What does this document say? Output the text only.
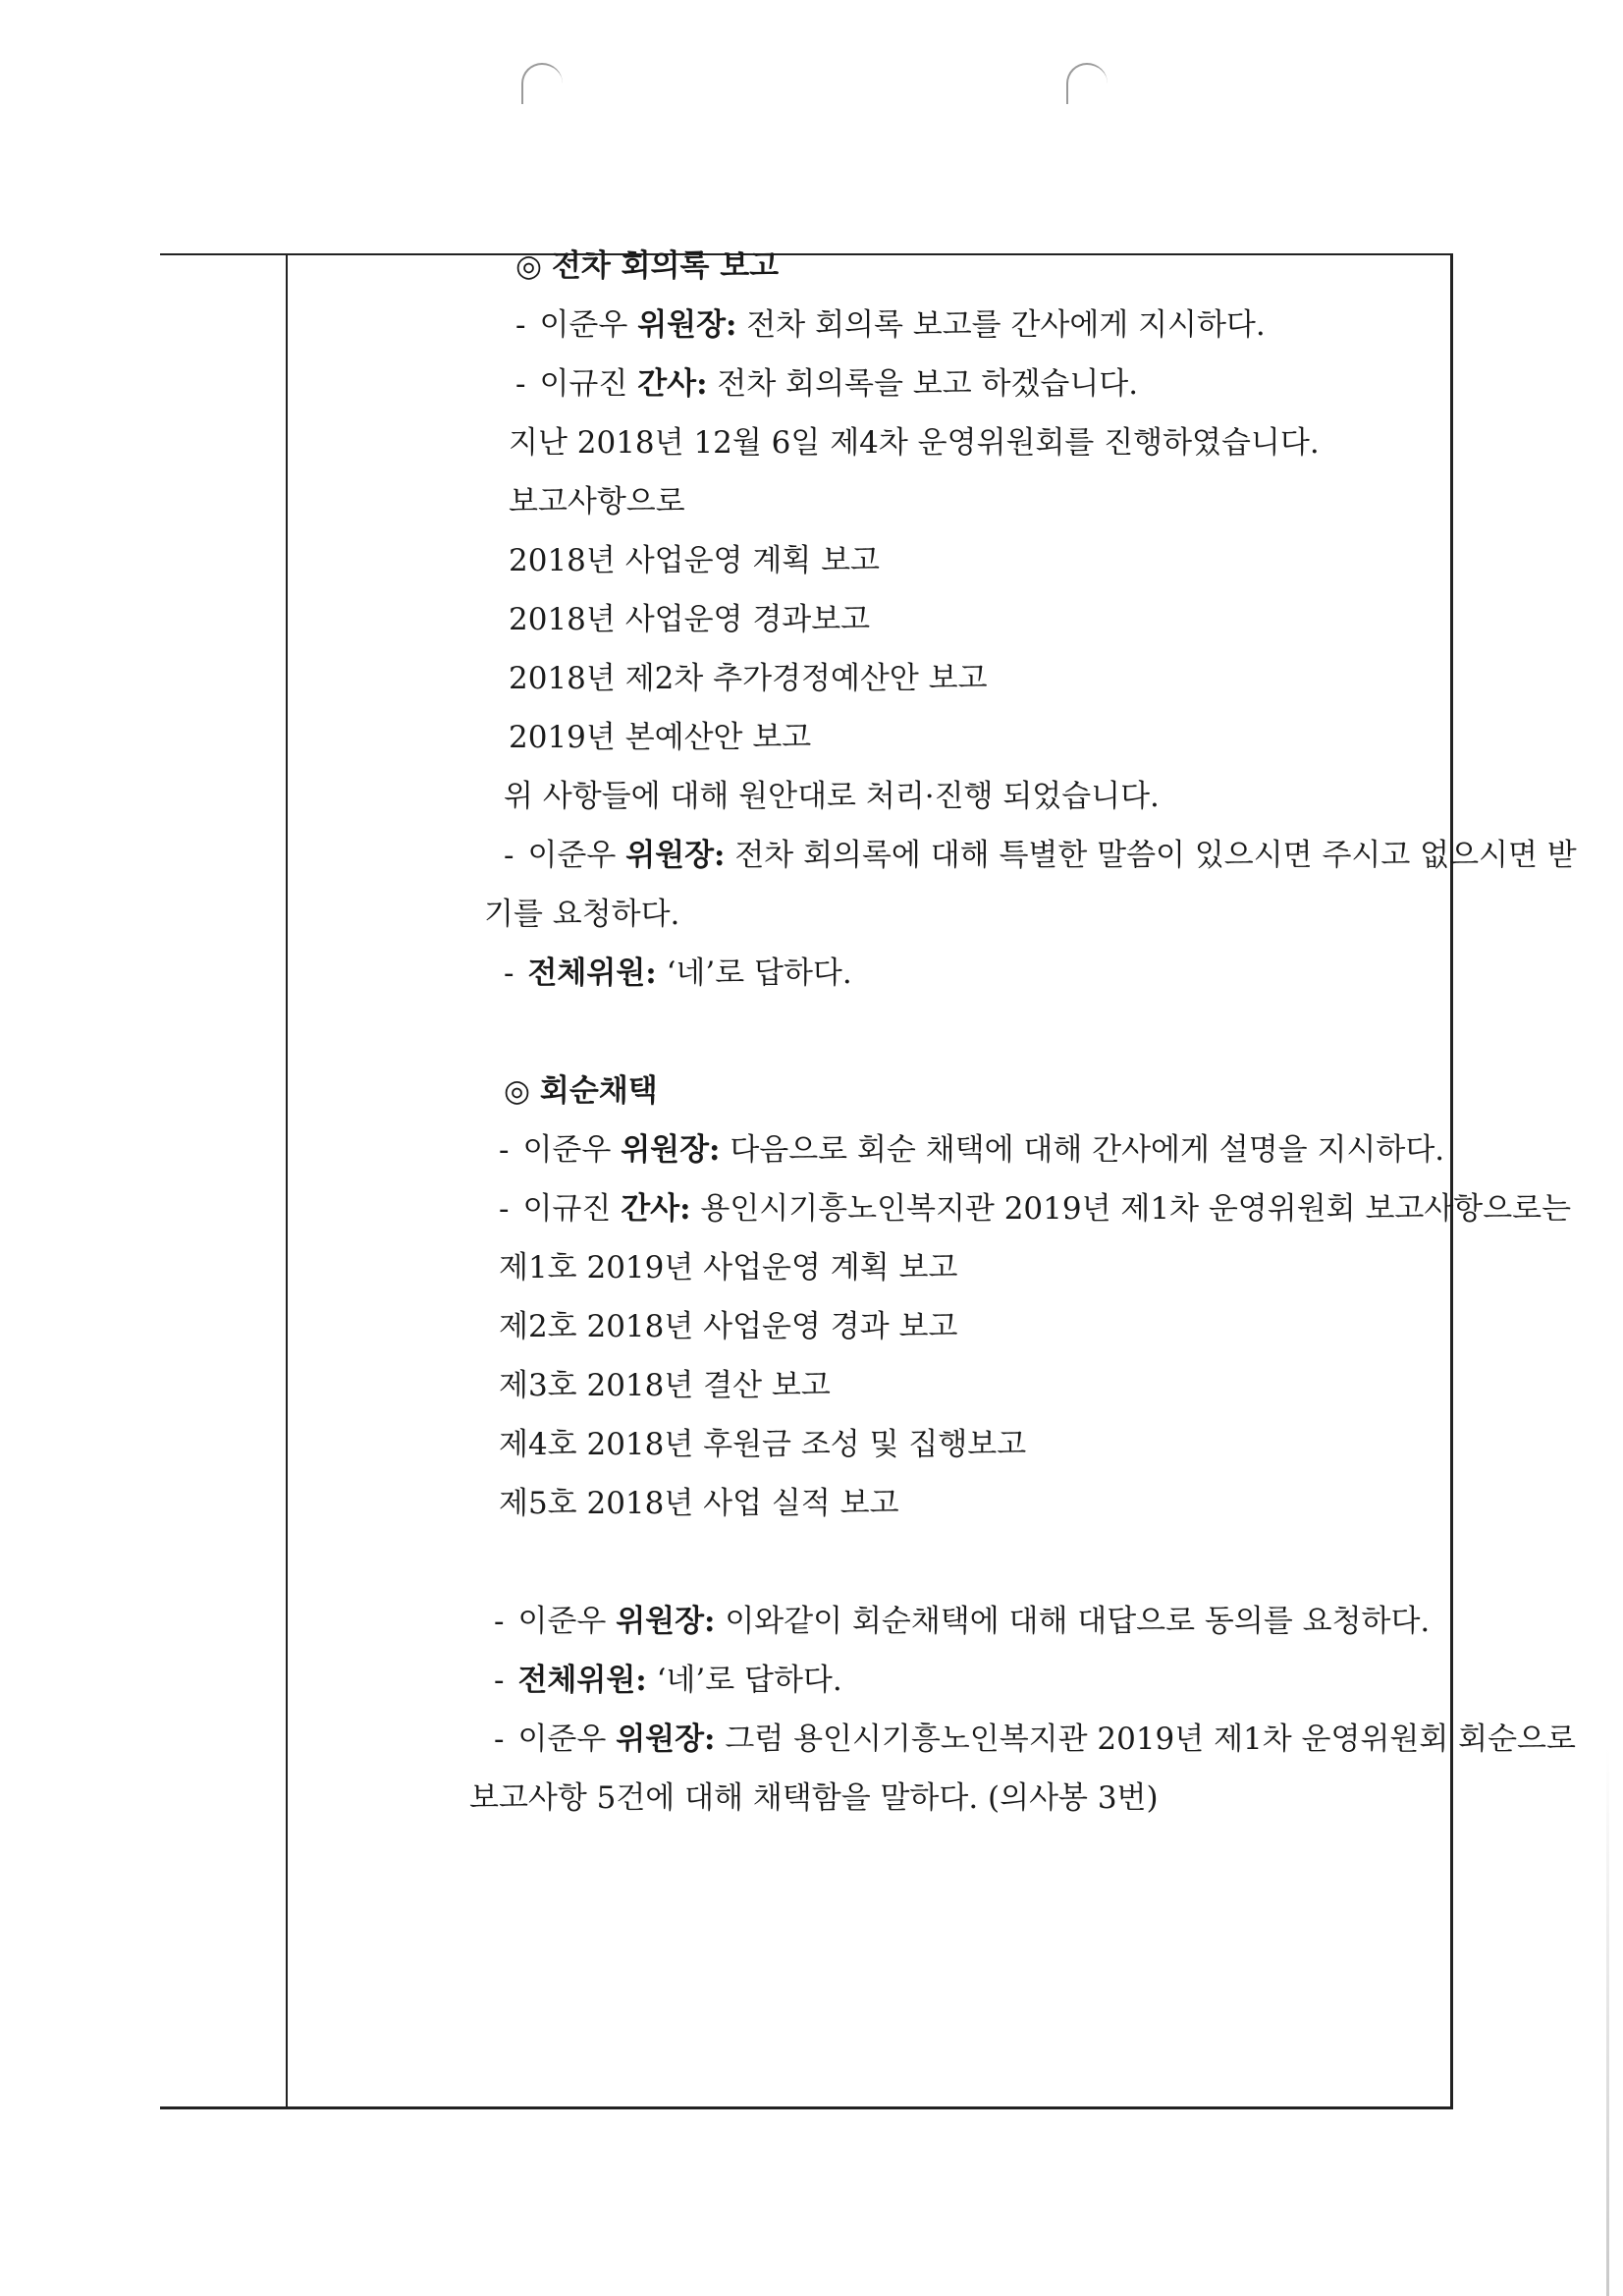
◎ 전차 회의록 보고
- 이준우 위원장: 전차 회의록 보고를 간사에게 지시하다.
- 이규진 간사: 전차 회의록을 보고 하겠습니다.
지난 2018년 12월 6일 제4차 운영위원회를 진행하였습니다.
보고사항으로
2018년 사업운영 계획 보고
2018년 사업운영 경과보고
2018년 제2차 추가경정예산안 보고
2019년 본예산안 보고
위 사항들에 대해 원안대로 처리·진행 되었습니다.
- 이준우 위원장: 전차 회의록에 대해 특별한 말씀이 있으시면 주시고 없으시면 받
기를 요청하다.
- 전체위원: ‘네’로 답하다.
◎ 회순채택
- 이준우 위원장: 다음으로 회순 채택에 대해 간사에게 설명을 지시하다.
- 이규진 간사: 용인시기흥노인복지관 2019년 제1차 운영위원회 보고사항으로는
제1호 2019년 사업운영 계획 보고
제2호 2018년 사업운영 경과 보고
제3호 2018년 결산 보고
제4호 2018년 후원금 조성 및 집행보고
제5호 2018년 사업 실적 보고
- 이준우 위원장: 이와같이 회순채택에 대해 대답으로 동의를 요청하다.
- 전체위원: ‘네’로 답하다.
- 이준우 위원장: 그럼 용인시기흥노인복지관 2019년 제1차 운영위원회 회순으로
보고사항 5건에 대해 채택함을 말하다. (의사봉 3번)
